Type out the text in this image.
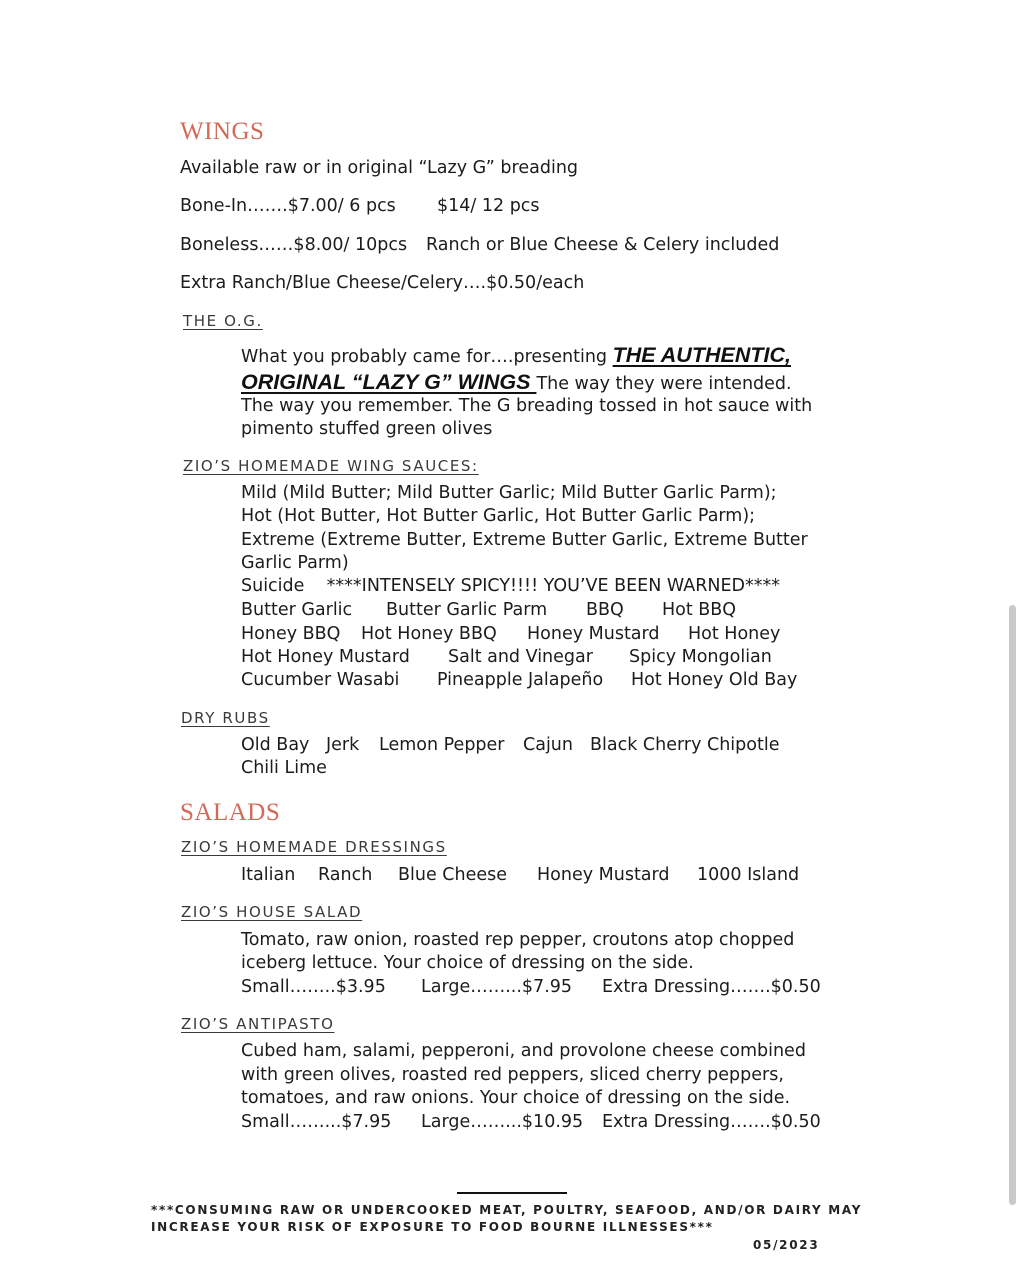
WINGS
Available raw or in original “Lazy G” breading
Bone-In…….$7.00/ 6 pcs $14/ 12 pcs
Boneless……$8.00/ 10pcs Ranch or Blue Cheese & Celery included
Extra Ranch/Blue Cheese/Celery….$0.50/each
THE O.G.
What you probably came for….presenting THE AUTHENTIC,
ORIGINAL “LAZY G” WINGS The way they were intended.
The way you remember. The G breading tossed in hot sauce with
pimento stuffed green olives
ZIO’S HOMEMADE WING SAUCES:
Mild (Mild Butter; Mild Butter Garlic; Mild Butter Garlic Parm);
Hot (Hot Butter, Hot Butter Garlic, Hot Butter Garlic Parm);
Extreme (Extreme Butter, Extreme Butter Garlic, Extreme Butter
Garlic Parm)
Suicide    ****INTENSELY SPICY!!!! YOU’VE BEEN WARNED****
Butter Garlic Butter Garlic Parm BBQ Hot BBQ
Honey BBQ Hot Honey BBQ Honey Mustard Hot Honey
Hot Honey Mustard Salt and Vinegar Spicy Mongolian
Cucumber Wasabi Pineapple Jalapeño Hot Honey Old Bay
DRY RUBS
Old Bay Jerk Lemon Pepper Cajun Black Cherry Chipotle
Chili Lime
SALADS
ZIO’S HOMEMADE DRESSINGS
Italian Ranch Blue Cheese Honey Mustard 1000 Island
ZIO’S HOUSE SALAD
Tomato, raw onion, roasted rep pepper, croutons atop chopped
iceberg lettuce. Your choice of dressing on the side.
Small……..$3.95 Large……...$7.95 Extra Dressing…….$0.50
ZIO’S ANTIPASTO
Cubed ham, salami, pepperoni, and provolone cheese combined
with green olives, roasted red peppers, sliced cherry peppers,
tomatoes, and raw onions. Your choice of dressing on the side.
Small……...$7.95 Large……...$10.95 Extra Dressing…….$0.50
***CONSUMING RAW OR UNDERCOOKED MEAT, POULTRY, SEAFOOD, AND/OR DAIRY MAY
INCREASE YOUR RISK OF EXPOSURE TO FOOD BOURNE ILLNESSES***
05/2023
